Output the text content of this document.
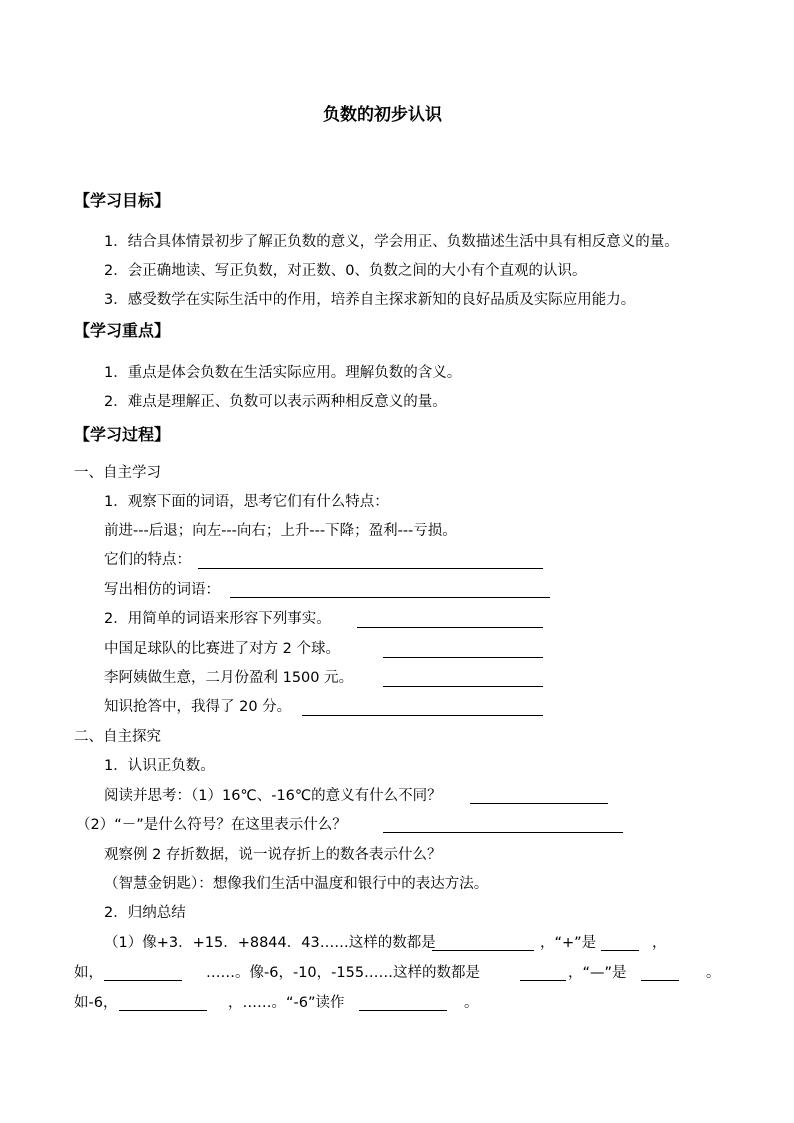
负数的初步认识
【学习目标】
1．结合具体情景初步了解正负数的意义，学会用正、负数描述生活中具有相反意义的量。
2．会正确地读、写正负数，对正数、0、负数之间的大小有个直观的认识。
3．感受数学在实际生活中的作用，培养自主探求新知的良好品质及实际应用能力。
【学习重点】
1．重点是体会负数在生活实际应用。理解负数的含义。
2．难点是理解正、负数可以表示两种相反意义的量。
【学习过程】
一、自主学习
1．观察下面的词语，思考它们有什么特点：
前进---后退；向左---向右；上升---下降；盈利---亏损。
它们的特点：
写出相仿的词语：
2．用简单的词语来形容下列事实。
中国足球队的比赛进了对方 2 个球。
李阿姨做生意，二月份盈利 1500 元。
知识抢答中，我得了 20 分。
二、自主探究
1．认识正负数。
阅读并思考：（1）16℃、-16℃的意义有什么不同？
（2）“－”是什么符号？在这里表示什么？
观察例 2 存折数据，说一说存折上的数各表示什么？
（智慧金钥匙）：想像我们生活中温度和银行中的表达方法。
2．归纳总结
（1）像+3．+15．+8844．43……这样的数都是	，“+”是	，
如，	……。像-6，-10，-155……这样的数都是	，“—”是	。
如-6，	，……。“-6”读作	。
